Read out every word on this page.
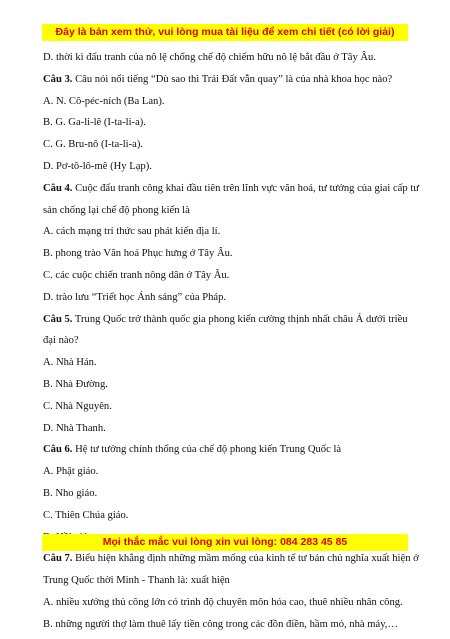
Đây là bản xem thử, vui lòng mua tài liệu để xem chi tiết (có lời giải)
D. thời kì đấu tranh của nô lệ chống chế độ chiếm hữu nô lệ bắt đầu ở Tây Âu.
Câu 3. Câu nói nổi tiếng “Dù sao thì Trái Đất vẫn quay” là của nhà khoa học nào?
A. N. Cô-péc-ních (Ba Lan).
B. G. Ga-li-lê (I-ta-li-a).
C. G. Bru-nô (I-ta-li-a).
D. Pơ-tô-lô-mê (Hy Lạp).
Câu 4. Cuộc đấu tranh công khai đầu tiên trên lĩnh vực văn hoá, tư tưởng của giai cấp tư
sản chống lại chế độ phong kiến là
A. cách mạng trí thức sau phát kiến địa lí.
B. phong trào Văn hoá Phục hưng ở Tây Âu.
C. các cuộc chiến tranh nông dân ở Tây Âu.
D. trào lưu “Triết học Ánh sáng” của Pháp.
Câu 5. Trung Quốc trở thành quốc gia phong kiến cường thịnh nhất châu Á dưới triều
đại nào?
A. Nhà Hán.
B. Nhà Đường.
C. Nhà Nguyên.
D. Nhà Thanh.
Câu 6. Hệ tư tưởng chính thống của chế độ phong kiến Trung Quốc là
A. Phật giáo.
B. Nho giáo.
C. Thiên Chúa giáo.
Câu 7. Biểu hiện khẳng định những mầm mống của kinh tế tư bản chủ nghĩa xuất hiện ở
Trung Quốc thời Minh - Thanh là: xuất hiện
A. nhiều xưởng thủ công lớn có trình độ chuyên môn hóa cao, thuê nhiều nhân công.
B. những người thợ làm thuê lấy tiền công trong các đồn điền, hầm mỏ, nhà máy,…
Mọi thắc mắc vui lòng xin vui lòng: 084 283 45 85
